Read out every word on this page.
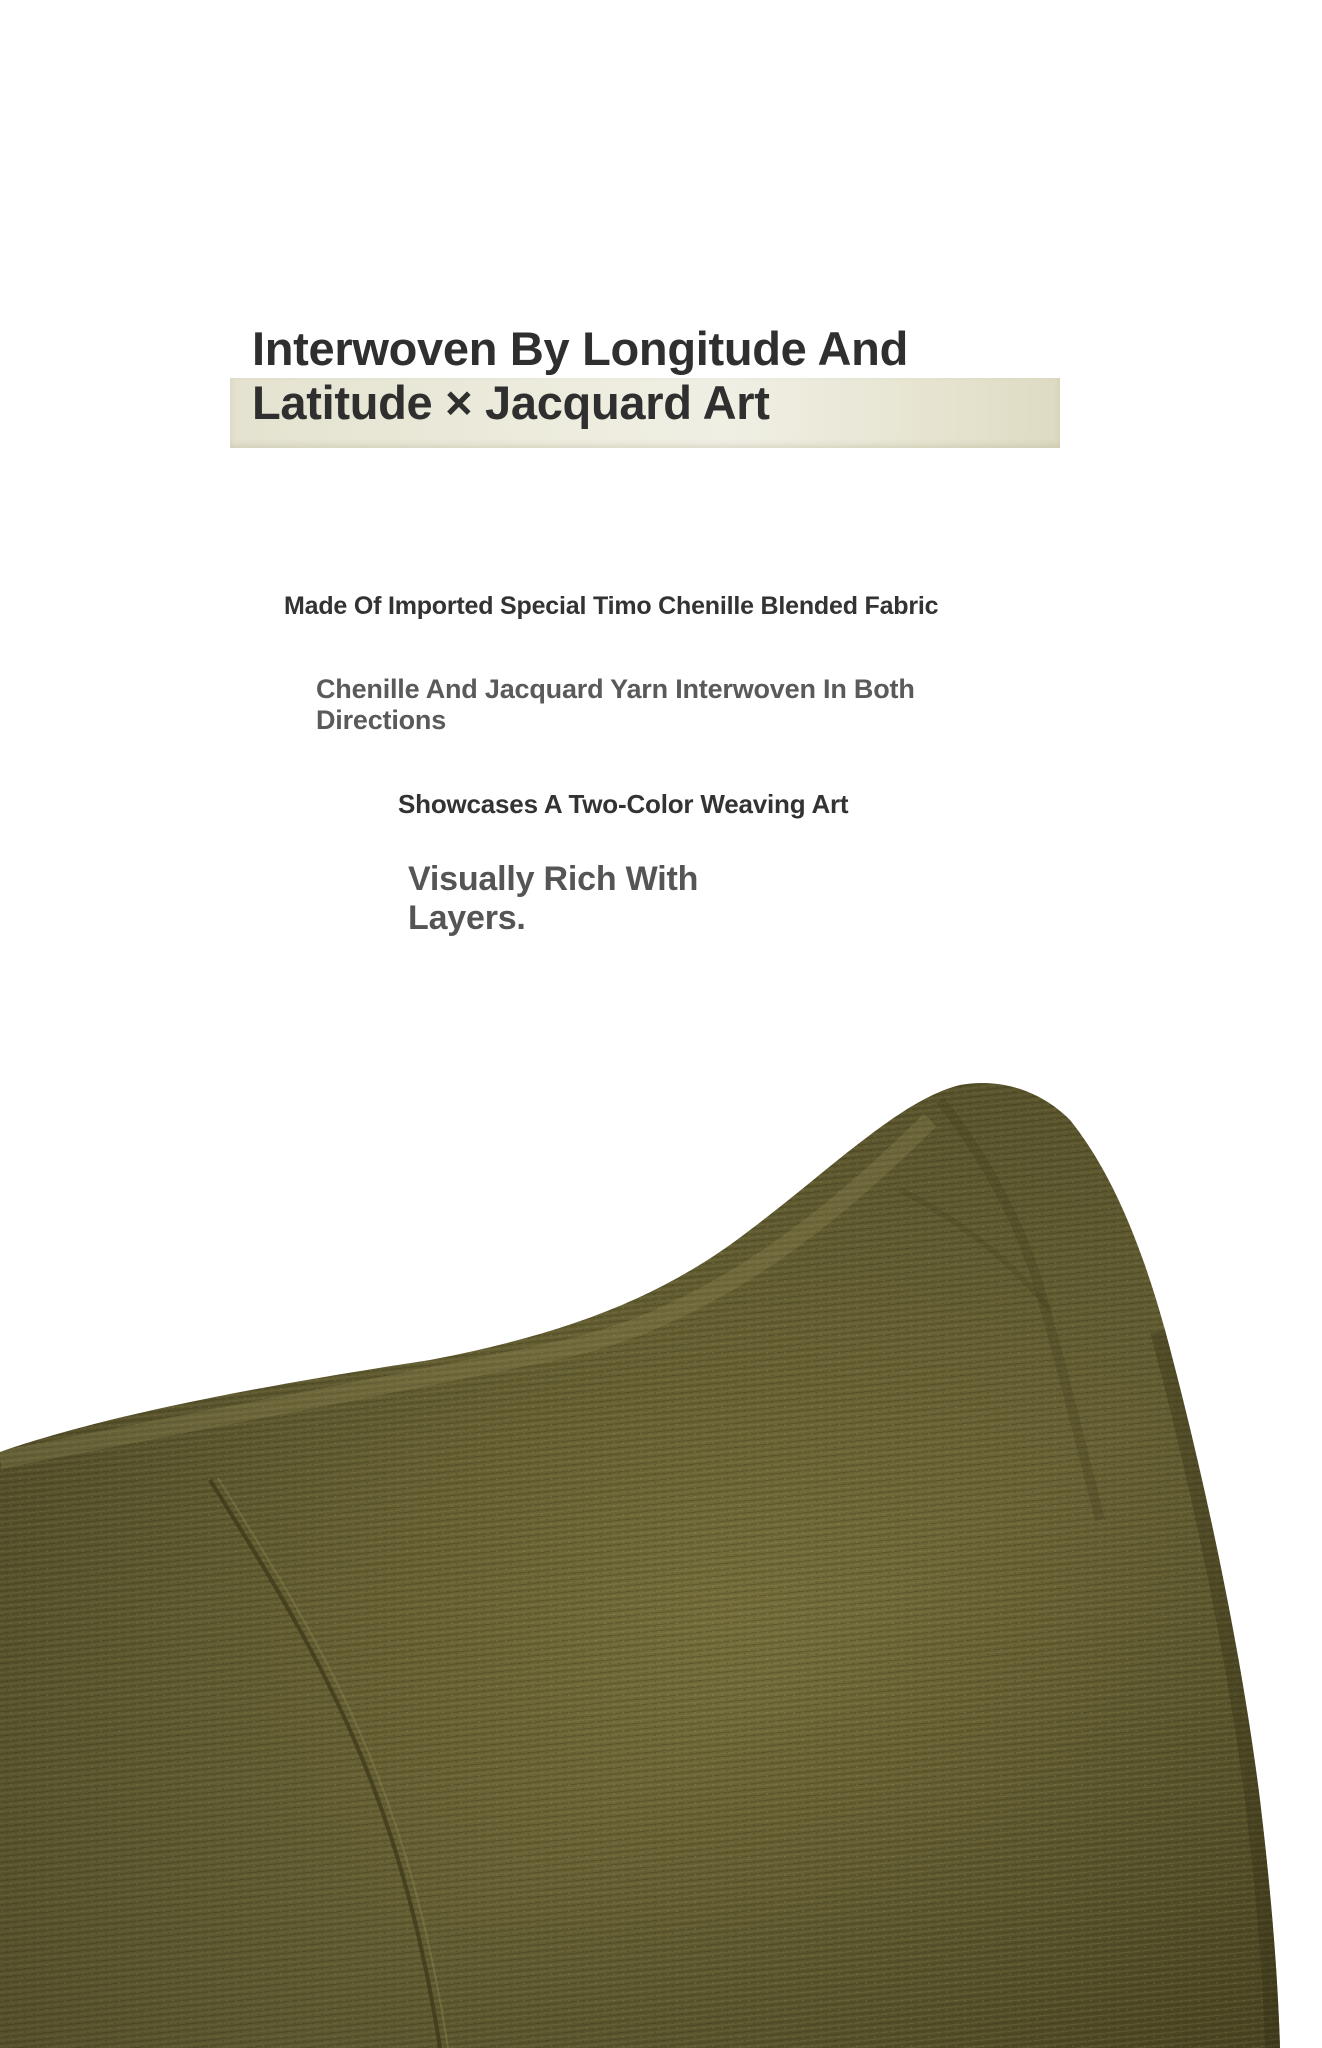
Interwoven By Longitude And
Latitude × Jacquard Art

Made Of Imported Special Timo Chenille Blended Fabric

Chenille And Jacquard Yarn Interwoven In Both Directions

Showcases A Two-Color Weaving Art

Visually Rich With Layers.
